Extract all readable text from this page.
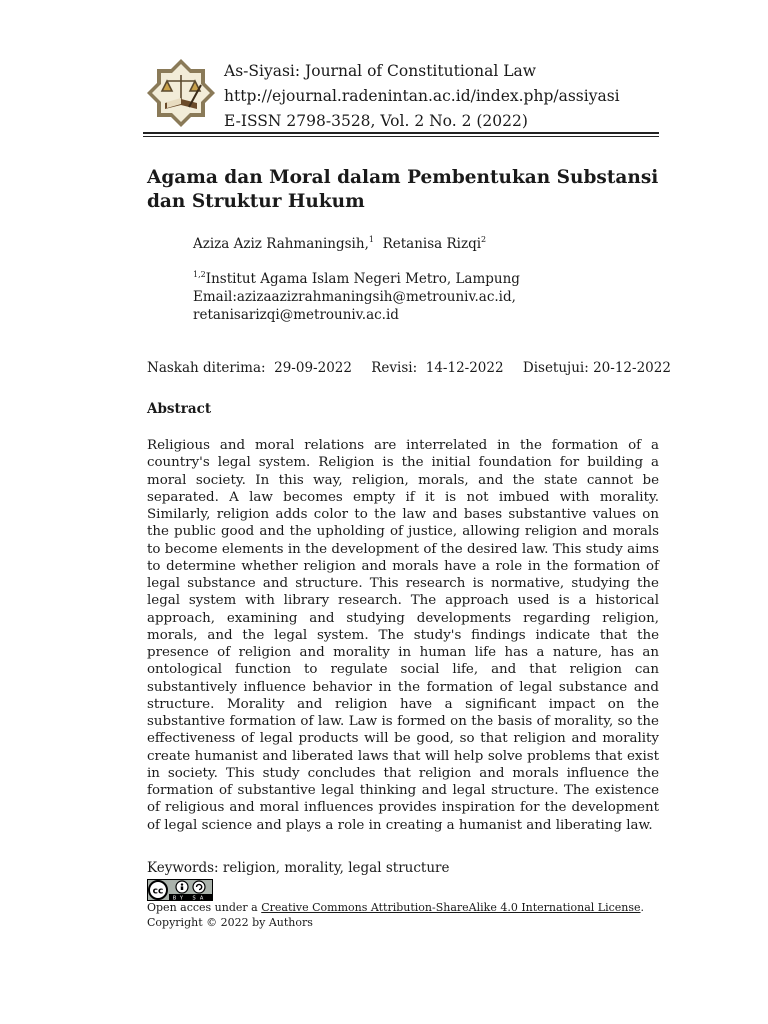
As-Siyasi: Journal of Constitutional Law
http://ejournal.radenintan.ac.id/index.php/assiyasi
E-ISSN 2798-3528, Vol. 2 No. 2 (2022)
Agama dan Moral dalam Pembentukan Substansi dan Struktur Hukum
Aziza Aziz Rahmaningsih,$^1$ Retanisa Rizqi$^2$
$^{1,2}$Institut Agama Islam Negeri Metro, Lampung
Email:azizaazizrahmaningsih@metrouniv.ac.id,
retanisarizqi@metrouniv.ac.id
Naskah diterima:  29-09-2022 Revisi:  14-12-2022 Disetujui: 20-12-2022
Abstract

Religious and moral relations are interrelated in the formation of a country's legal system. Religion is the initial foundation for building a moral society. In this way, religion, morals, and the state cannot be separated. A law becomes empty if it is not imbued with morality. Similarly, religion adds color to the law and bases substantive values on the public good and the upholding of justice, allowing religion and morals to become elements in the development of the desired law. This study aims to determine whether religion and morals have a role in the formation of legal substance and structure. This research is normative, studying the legal system with library research. The approach used is a historical approach, examining and studying developments regarding religion, morals, and the legal system. The study's findings indicate that the presence of religion and morality in human life has a nature, has an ontological function to regulate social life, and that religion can substantively influence behavior in the formation of legal substance and structure. Morality and religion have a significant impact on the substantive formation of law. Law is formed on the basis of morality, so the effectiveness of legal products will be good, so that religion and morality create humanist and liberated laws that will help solve problems that exist in society. This study concludes that religion and morals influence the formation of substantive legal thinking and legal structure. The existence of religious and moral influences provides inspiration for the development of legal science and plays a role in creating a humanist and liberating law.

Keywords: religion, morality, legal structure
cc
BY SA
Open acces under a Creative Commons Attribution-ShareAlike 4.0 International License.
Copyright © 2022 by Authors
